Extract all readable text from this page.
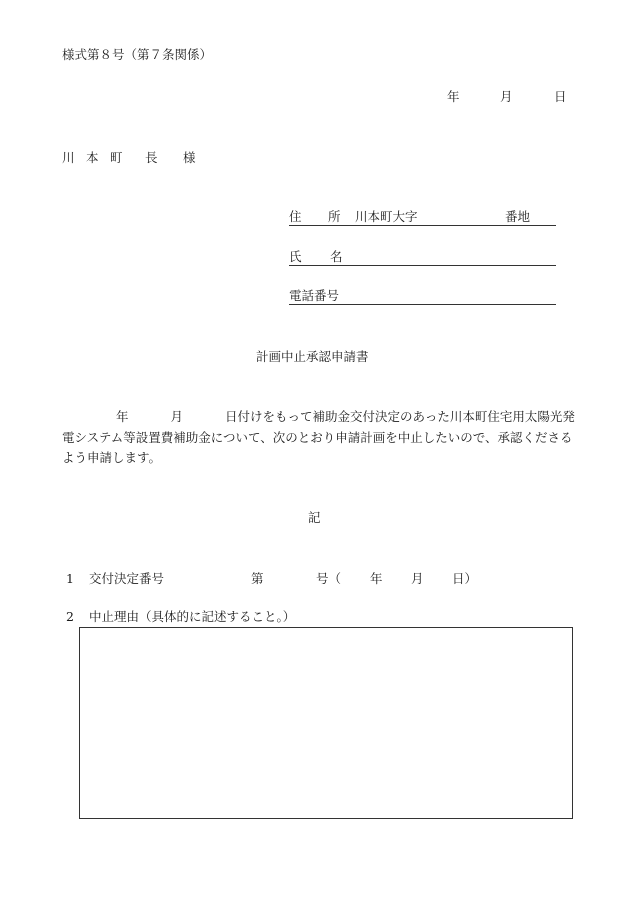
様式第８号（第７条関係）
年	月	日
川 本 町 長 様
住 所 川本町大字	番地
氏 名
電話番号
計画中止承認申請書
年	月	日付けをもって補助金交付決定のあった川本町住宅用太陽光発電システム等設置費補助金について、次のとおり申請計画を中止したいので、承認くださるよう申請します。
記
1 交付決定番号	第	号（ 年 月 日）
2 中止理由（具体的に記述すること。）
